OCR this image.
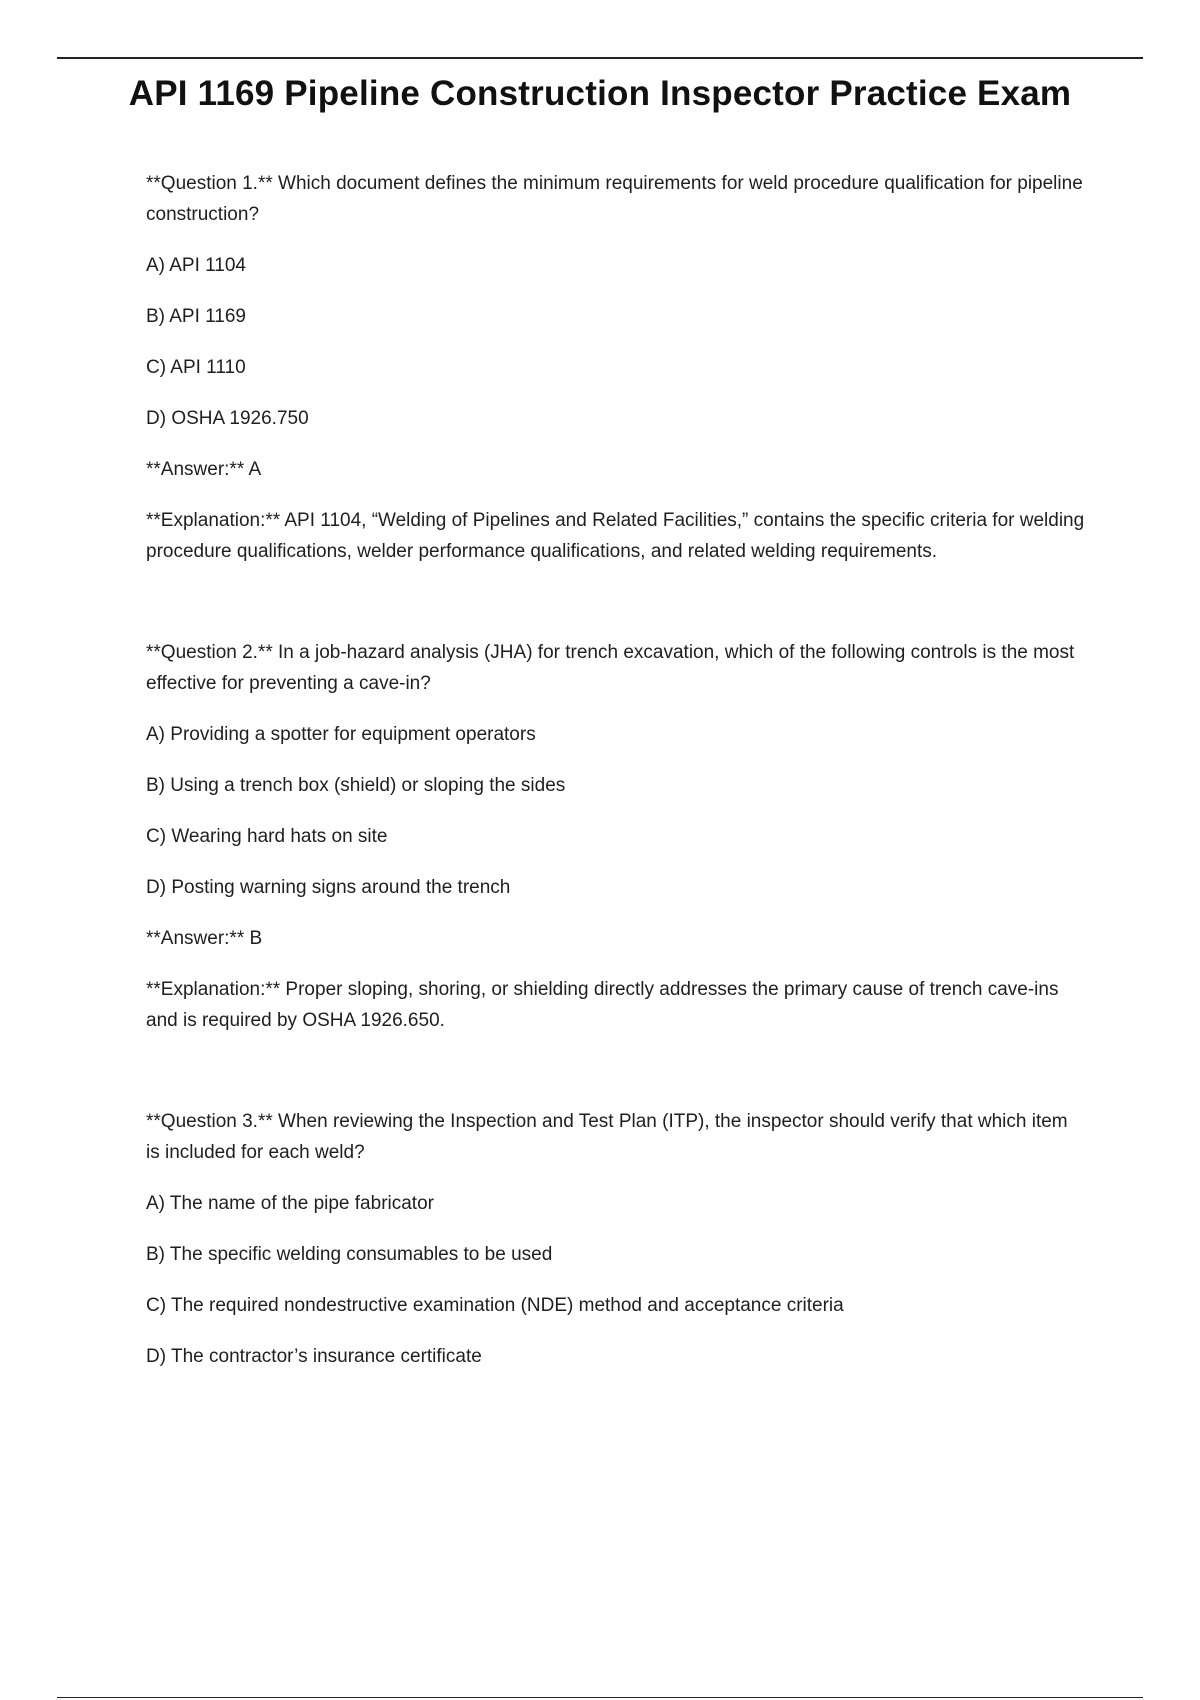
API 1169 Pipeline Construction Inspector Practice Exam

**Question 1.** Which document defines the minimum requirements for weld procedure qualification for pipeline construction?

A) API 1104

B) API 1169

C) API 1110

D) OSHA 1926.750

**Answer:** A

**Explanation:** API 1104, “Welding of Pipelines and Related Facilities,” contains the specific criteria for welding procedure qualifications, welder performance qualifications, and related welding requirements.

**Question 2.** In a job-hazard analysis (JHA) for trench excavation, which of the following controls is the most effective for preventing a cave-in?

A) Providing a spotter for equipment operators

B) Using a trench box (shield) or sloping the sides

C) Wearing hard hats on site

D) Posting warning signs around the trench

**Answer:** B

**Explanation:** Proper sloping, shoring, or shielding directly addresses the primary cause of trench cave-ins and is required by OSHA 1926.650.

**Question 3.** When reviewing the Inspection and Test Plan (ITP), the inspector should verify that which item is included for each weld?

A) The name of the pipe fabricator

B) The specific welding consumables to be used

C) The required nondestructive examination (NDE) method and acceptance criteria

D) The contractor’s insurance certificate
